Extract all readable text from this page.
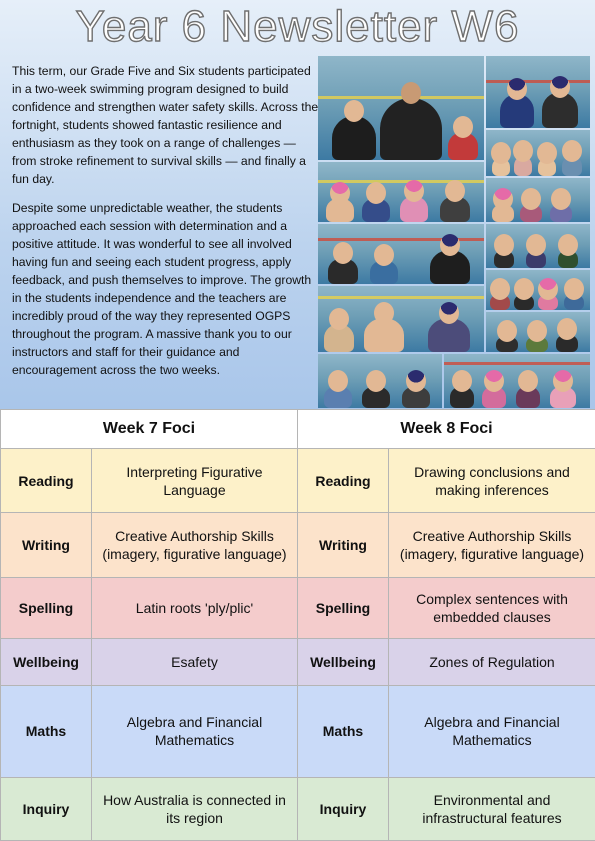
Year 6 Newsletter W6

This term, our Grade Five and Six students participated in a two-week swimming program designed to build confidence and strengthen water safety skills. Across the fortnight, students showed fantastic resilience and enthusiasm as they took on a range of challenges — from stroke refinement to survival skills — and finally a fun day.

Despite some unpredictable weather, the students approached each session with determination and a positive attitude. It was wonderful to see all involved having fun and seeing each student progress, apply feedback, and push themselves to improve. The growth in the students independence and the teachers are incredibly proud of the way they represented OGPS throughout the program. A massive thank you to our instructors and staff for their guidance and encouragement across the two weeks.

Week 7 Foci		Week 8 Foci	
Reading	Interpreting Figurative Language	Reading	Drawing conclusions and making inferences
Writing	Creative Authorship Skills (imagery, figurative language)	Writing	Creative Authorship Skills (imagery, figurative language)
Spelling	Latin roots 'ply/plic'	Spelling	Complex sentences with embedded clauses
Wellbeing	Esafety	Wellbeing	Zones of Regulation
Maths	Algebra and Financial Mathematics	Maths	Algebra and Financial Mathematics
Inquiry	How Australia is connected in its region	Inquiry	Environmental and infrastructural features
